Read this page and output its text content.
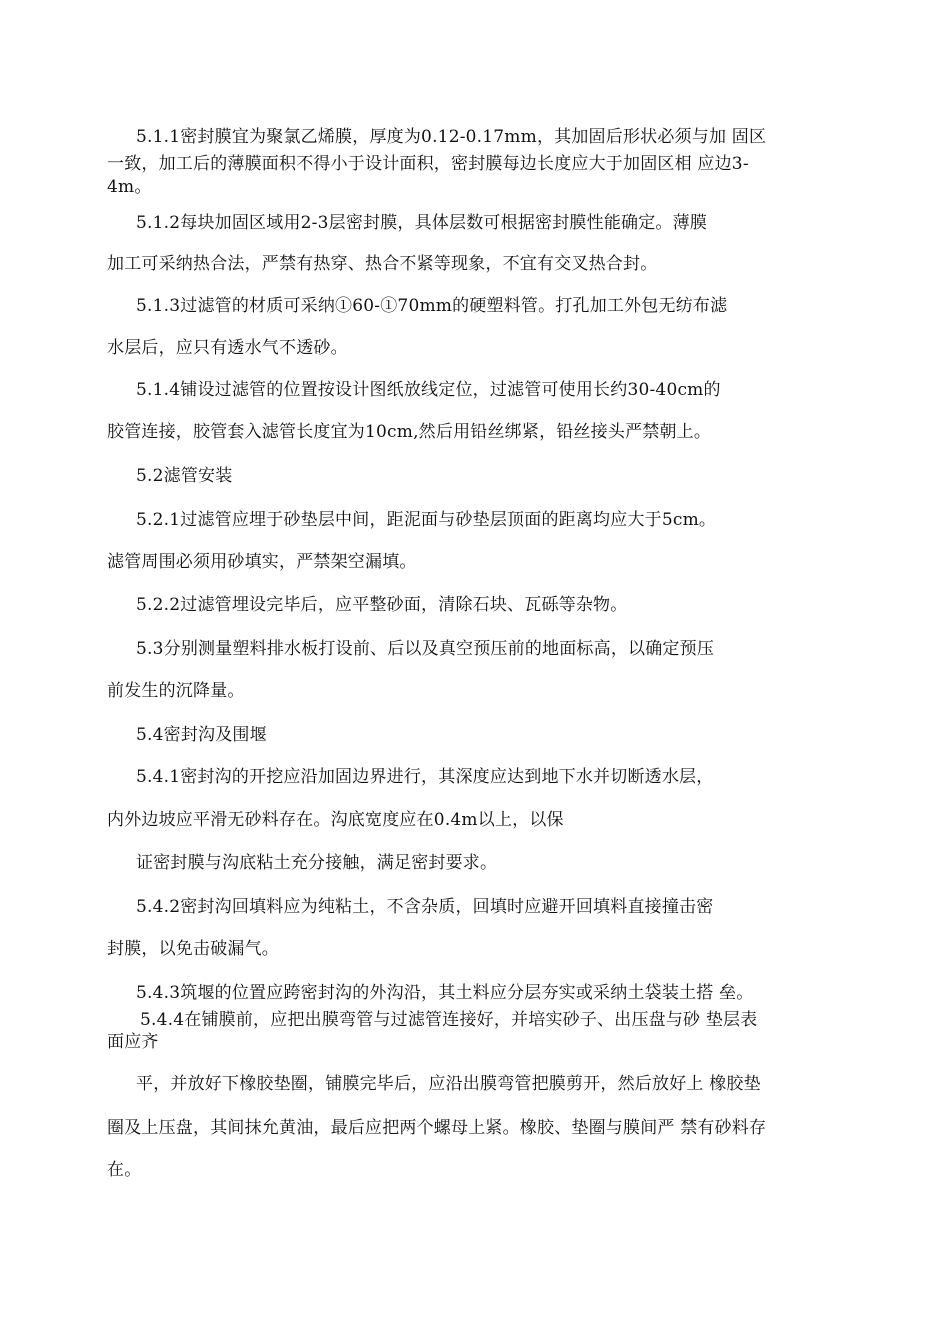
5.1.1密封膜宜为聚氯乙烯膜，厚度为0.12-0.17mm，其加固后形状必须与加 固区
一致，加工后的薄膜面积不得小于设计面积，密封膜每边长度应大于加固区相 应边3-
4m。
5.1.2每块加固区域用2-3层密封膜，具体层数可根据密封膜性能确定。薄膜
加工可采纳热合法，严禁有热穿、热合不紧等现象，不宜有交叉热合封。
5.1.3过滤管的材质可采纳①60-①70mm的硬塑料管。打孔加工外包无纺布滤
水层后，应只有透水气不透砂。
5.1.4铺设过滤管的位置按设计图纸放线定位，过滤管可使用长约30-40cm的
胶管连接，胶管套入滤管长度宜为10cm,然后用铅丝绑紧，铅丝接头严禁朝上。
5.2滤管安装
5.2.1过滤管应埋于砂垫层中间，距泥面与砂垫层顶面的距离均应大于5cm。
滤管周围必须用砂填实，严禁架空漏填。
5.2.2过滤管埋设完毕后，应平整砂面，清除石块、瓦砾等杂物。
5.3分别测量塑料排水板打设前、后以及真空预压前的地面标高，以确定预压
前发生的沉降量。
5.4密封沟及围堰
5.4.1密封沟的开挖应沿加固边界进行，其深度应达到地下水并切断透水层，
内外边坡应平滑无砂料存在。沟底宽度应在0.4m以上，以保
证密封膜与沟底粘土充分接触，满足密封要求。
5.4.2密封沟回填料应为纯粘土，不含杂质，回填时应避开回填料直接撞击密
封膜，以免击破漏气。
5.4.3筑堰的位置应跨密封沟的外沟沿，其土料应分层夯实或采纳土袋装土搭 垒。
5.4.4在铺膜前，应把出膜弯管与过滤管连接好，并培实砂子、出压盘与砂 垫层表
面应齐
平，并放好下橡胶垫圈，铺膜完毕后，应沿出膜弯管把膜剪开，然后放好上 橡胶垫
圈及上压盘，其间抹允黄油，最后应把两个螺母上紧。橡胶、垫圈与膜间严 禁有砂料存
在。
